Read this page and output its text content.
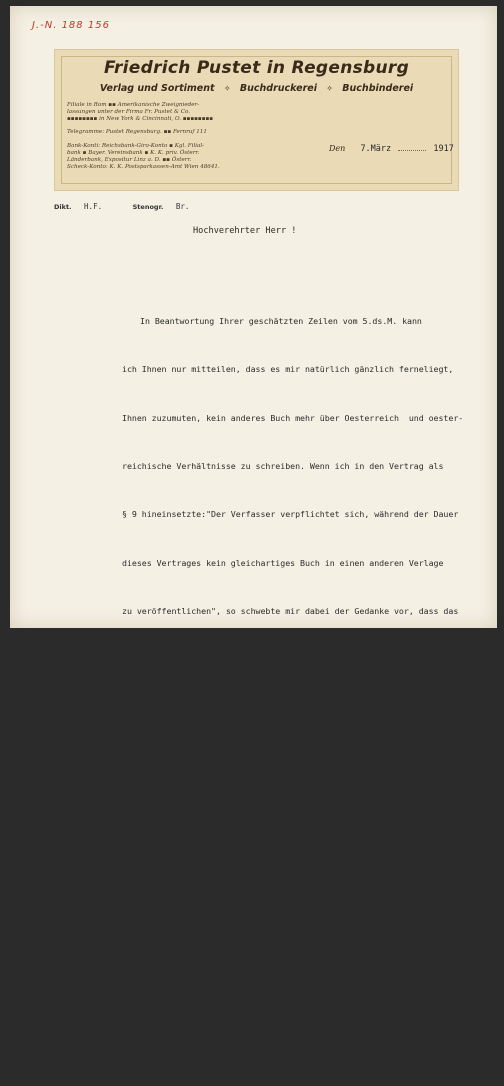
J.-N. 188 156
Friedrich Pustet in Regensburg
Verlag und Sortiment ✧ Buchdruckerei ✧ Buchbinderei
Filiale in Rom ▪▪ Amerikanische Zweignieder-
lassungen unter der Firma Fr. Pustet & Co.
▪▪▪▪▪▪▪▪ in New York & Cincinnati, O. ▪▪▪▪▪▪▪▪
Telegramme: Pustet Regensburg. ▪▪ Fernruf 111
Bank-Konti: Reichsbank-Giro-Konto ▪ Kgl. Filial-
bank ▪ Bayer. Vereinsbank ▪ K. K. priv. Österr.
Länderbank, Expositur Linz a. D. ▪▪ Österr.
Scheck-Konto: K. K. Postsparkassen-Amt Wien 48641.
Den 7.März	1917
Dikt. H.F.	Stenogr. Br.
Hochverehrter Herr !

In Beantwortung Ihrer geschätzten Zeilen vom 5.ds.M. kann

ich Ihnen nur mitteilen, dass es mir natürlich gänzlich ferneliegt,

Ihnen zuzumuten, kein anderes Buch mehr über Oesterreich  und oester-

reichische Verhältnisse zu schreiben. Wenn ich in den Vertrag als

§ 9 hineinsetzte:"Der Verfasser verpflichtet sich, während der Dauer

dieses Vertrages kein gleichartiges Buch in einen anderen Verlage

zu veröffentlichen", so schwebte mir dabei der Gedanke vor, dass das

von Ihnen für meine "Bücher der Zeit" zu schreibende Bändchen eben

seiner Idee, Anlage und Ausführung nach so eigenartig  ausfallen würde,

dass ein gleichartiges Konkurrensbüchlein im Interesse von Buch und

Verleger ausgeschaltet bleiben müsse. Unbenommen bliebe es Ihnen natür-

lich, das so vielgestaltige österreichische Problem in weiteren Schrif-

ten jeweils von immer neuer Seite zu behandeln, wie Sie das offenbar

in den von Ihnen aufgeführten Werken tun. Der spezielle Charakter des

für meine Sammlung bestimmten Büchleins dürfte hinreichend durch den

dafür vorgeschlagenen Titel "Oesterreichs Wiedergeburt" (religiöse,
